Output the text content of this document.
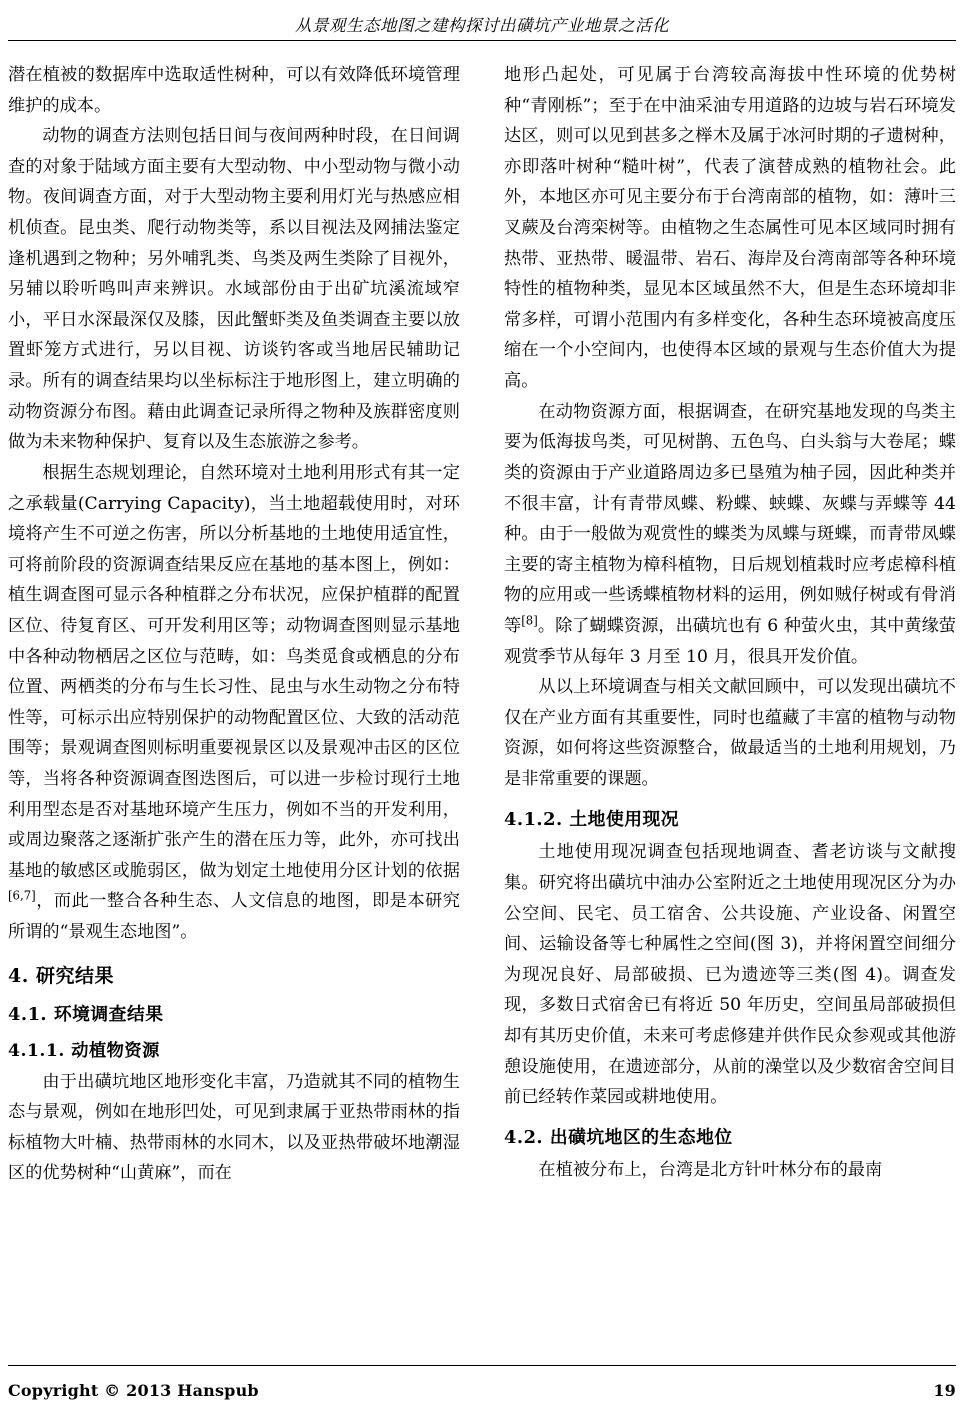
从景观生态地图之建构探讨出磺坑产业地景之活化

潜在植被的数据库中选取适性树种，可以有效降低环境管理维护的成本。

动物的调查方法则包括日间与夜间两种时段，在日间调查的对象于陆域方面主要有大型动物、中小型动物与微小动物。夜间调查方面，对于大型动物主要利用灯光与热感应相机侦查。昆虫类、爬行动物类等，系以目视法及网捕法鉴定逢机遇到之物种；另外哺乳类、鸟类及两生类除了目视外，另辅以聆听鸣叫声来辨识。水域部份由于出矿坑溪流域窄小，平日水深最深仅及膝，因此蟹虾类及鱼类调查主要以放置虾笼方式进行，另以目视、访谈钓客或当地居民辅助记录。所有的调查结果均以坐标标注于地形图上，建立明确的动物资源分布图。藉由此调查记录所得之物种及族群密度则做为未来物种保护、复育以及生态旅游之参考。

根据生态规划理论，自然环境对土地利用形式有其一定之承载量(Carrying Capacity)，当土地超载使用时，对环境将产生不可逆之伤害，所以分析基地的土地使用适宜性，可将前阶段的资源调查结果反应在基地的基本图上，例如：植生调查图可显示各种植群之分布状况，应保护植群的配置区位、待复育区、可开发利用区等；动物调查图则显示基地中各种动物栖居之区位与范畴，如：鸟类觅食或栖息的分布位置、两栖类的分布与生长习性、昆虫与水生动物之分布特性等，可标示出应特别保护的动物配置区位、大致的活动范围等；景观调查图则标明重要视景区以及景观冲击区的区位等，当将各种资源调查图迭图后，可以进一步检讨现行土地利用型态是否对基地环境产生压力，例如不当的开发利用，或周边聚落之逐渐扩张产生的潜在压力等，此外，亦可找出基地的敏感区或脆弱区，做为划定土地使用分区计划的依据[6,7]，而此一整合各种生态、人文信息的地图，即是本研究所谓的“景观生态地图”。

4. 研究结果
4.1. 环境调查结果
4.1.1. 动植物资源

由于出磺坑地区地形变化丰富，乃造就其不同的植物生态与景观，例如在地形凹处，可见到隶属于亚热带雨林的指标植物大叶楠、热带雨林的水同木，以及亚热带破坏地潮湿区的优势树种“山黄麻”，而在

地形凸起处，可见属于台湾较高海拔中性环境的优势树种“青刚栎”；至于在中油采油专用道路的边坡与岩石环境发达区，则可以见到甚多之榉木及属于冰河时期的孑遗树种，亦即落叶树种“糙叶树”，代表了演替成熟的植物社会。此外，本地区亦可见主要分布于台湾南部的植物，如：薄叶三叉蕨及台湾栾树等。由植物之生态属性可见本区域同时拥有热带、亚热带、暖温带、岩石、海岸及台湾南部等各种环境特性的植物种类，显见本区域虽然不大，但是生态环境却非常多样，可谓小范围内有多样变化，各种生态环境被高度压缩在一个小空间内，也使得本区域的景观与生态价值大为提高。

在动物资源方面，根据调查，在研究基地发现的鸟类主要为低海拔鸟类，可见树鹊、五色鸟、白头翁与大卷尾；蝶类的资源由于产业道路周边多已垦殖为柚子园，因此种类并不很丰富，计有青带凤蝶、粉蝶、蛱蝶、灰蝶与弄蝶等 44 种。由于一般做为观赏性的蝶类为凤蝶与斑蝶，而青带凤蝶主要的寄主植物为樟科植物，日后规划植栽时应考虑樟科植物的应用或一些诱蝶植物材料的运用，例如贼仔树或有骨消等[8]。除了蝴蝶资源，出磺坑也有 6 种萤火虫，其中黄缘萤观赏季节从每年 3 月至 10 月，很具开发价值。

从以上环境调查与相关文献回顾中，可以发现出磺坑不仅在产业方面有其重要性，同时也蕴藏了丰富的植物与动物资源，如何将这些资源整合，做最适当的土地利用规划，乃是非常重要的课题。

4.1.2. 土地使用现况

土地使用现况调查包括现地调查、耆老访谈与文献搜集。研究将出磺坑中油办公室附近之土地使用现况区分为办公空间、民宅、员工宿舍、公共设施、产业设备、闲置空间、运输设备等七种属性之空间(图 3)，并将闲置空间细分为现况良好、局部破损、已为遗迹等三类(图 4)。调查发现，多数日式宿舍已有将近 50 年历史，空间虽局部破损但却有其历史价值，未来可考虑修建并供作民众参观或其他游憩设施使用，在遗迹部分，从前的澡堂以及少数宿舍空间目前已经转作菜园或耕地使用。

4.2. 出磺坑地区的生态地位

在植被分布上，台湾是北方针叶林分布的最南

Copyright © 2013 Hanspub	19
